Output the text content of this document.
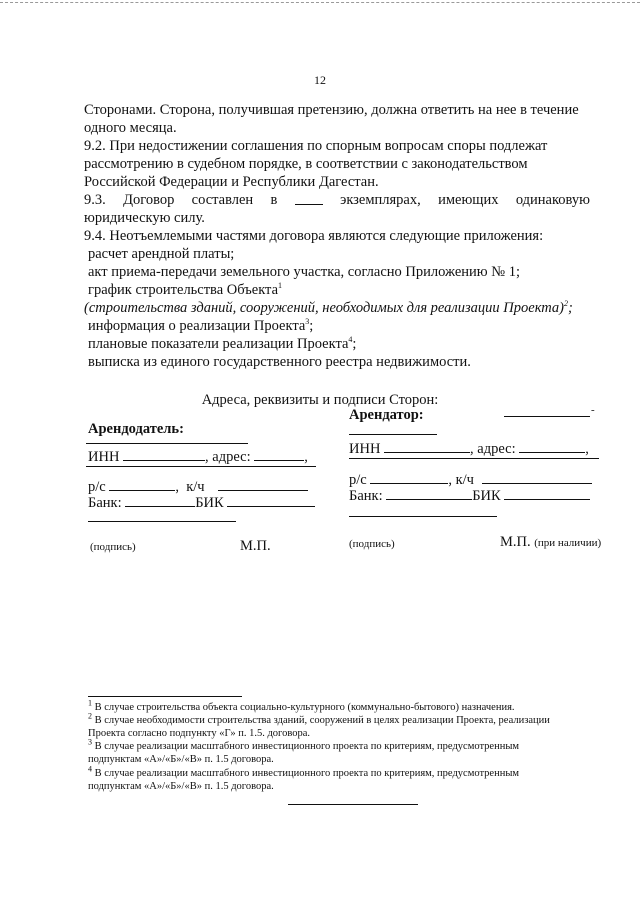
12
Сторонами. Сторона, получившая претензию, должна ответить на нее в течение
одного месяца.
9.2. При недостижении соглашения по спорным вопросам споры подлежат
рассмотрению в судебном порядке, в соответствии с законодательством
Российской Федерации и Республики Дагестан.
9.3. Договор составлен в	экземплярах, имеющих одинаковую
юридическую силу.
9.4. Неотъемлемыми частями договора являются следующие приложения:
расчет арендной платы;
акт приема-передачи земельного участка, согласно Приложению № 1;
график строительства Объекта$^1$
(строительства зданий, сооружений, необходимых для реализации Проекта)$^2$;
информация о реализации Проекта$^3$;
плановые показатели реализации Проекта$^4$;
выписка из единого государственного реестра недвижимости.
Адреса, реквизиты и подписи Сторон:
Арендодатель:
ИНН	, адрес:	,
р/с	,  к/ч
Банк:	БИК
(подпись)	М.П.
Арендатор:	-
ИНН	, адрес:	,
р/с	, к/ч
Банк:	БИК
(подпись)	М.П. (при наличии)
$^1$ В случае строительства объекта социально-культурного (коммунально-бытового) назначения.
$^2$ В случае необходимости строительства зданий, сооружений в целях реализации Проекта, реализации
Проекта согласно подпункту «Г» п. 1.5. договора.
$^3$ В случае реализации масштабного инвестиционного проекта по критериям, предусмотренным
подпунктам «А»/«Б»/«В» п. 1.5 договора.
$^4$ В случае реализации масштабного инвестиционного проекта по критериям, предусмотренным
подпунктам «А»/«Б»/«В» п. 1.5 договора.
